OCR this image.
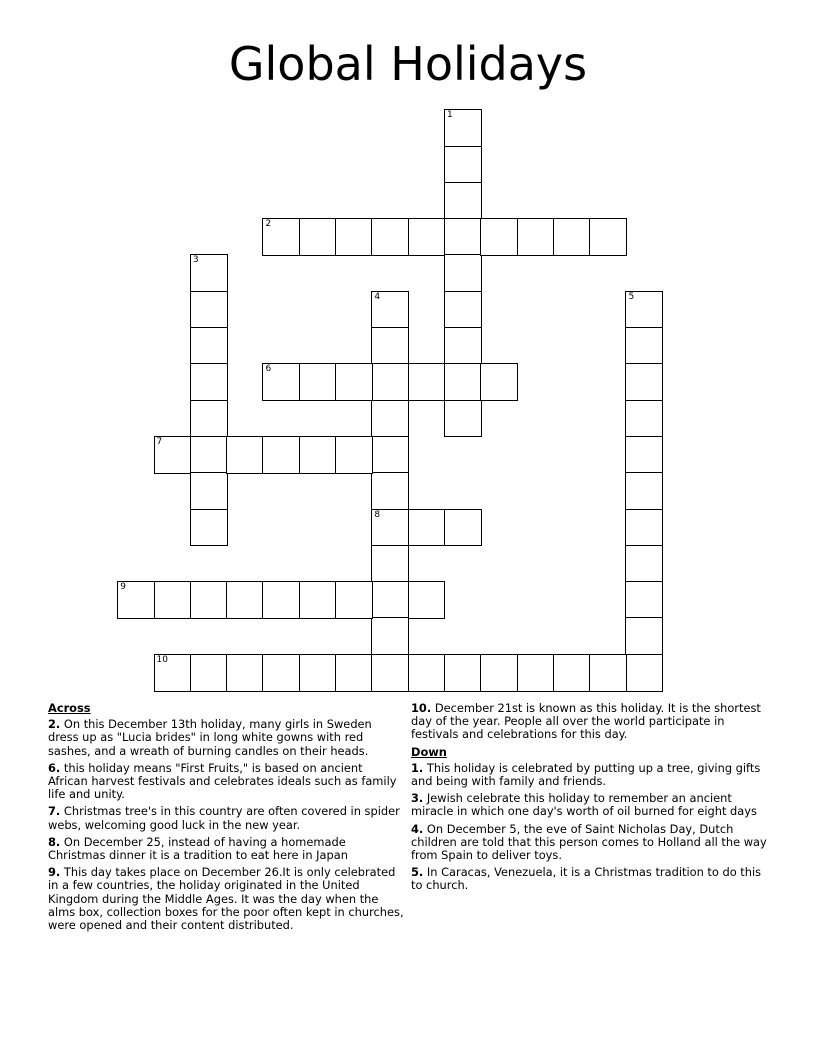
Global Holidays
1
2
3
4
8
5
6
7
9
10
Across
2. On this December 13th holiday, many girls in Sweden dress up as "Lucia brides" in long white gowns with red sashes, and a wreath of burning candles on their heads.
6. this holiday means "First Fruits," is based on ancient African harvest festivals and celebrates ideals such as family life and unity.
7. Christmas tree's in this country are often covered in spider webs, welcoming good luck in the new year.
8. On December 25, instead of having a homemade Christmas dinner it is a tradition to eat here in Japan
9. This day takes place on December 26.It is only celebrated in a few countries, the holiday originated in the United Kingdom during the Middle Ages. It was the day when the alms box, collection boxes for the poor often kept in churches, were opened and their content distributed.
10. December 21st is known as this holiday. It is the shortest day of the year. People all over the world participate in festivals and celebrations for this day.
Down
1. This holiday is celebrated by putting up a tree, giving gifts and being with family and friends.
3. Jewish celebrate this holiday to remember an ancient miracle in which one day's worth of oil burned for eight days
4. On December 5, the eve of Saint Nicholas Day, Dutch children are told that this person comes to Holland all the way from Spain to deliver toys.
5. In Caracas, Venezuela, it is a Christmas tradition to do this to church.
